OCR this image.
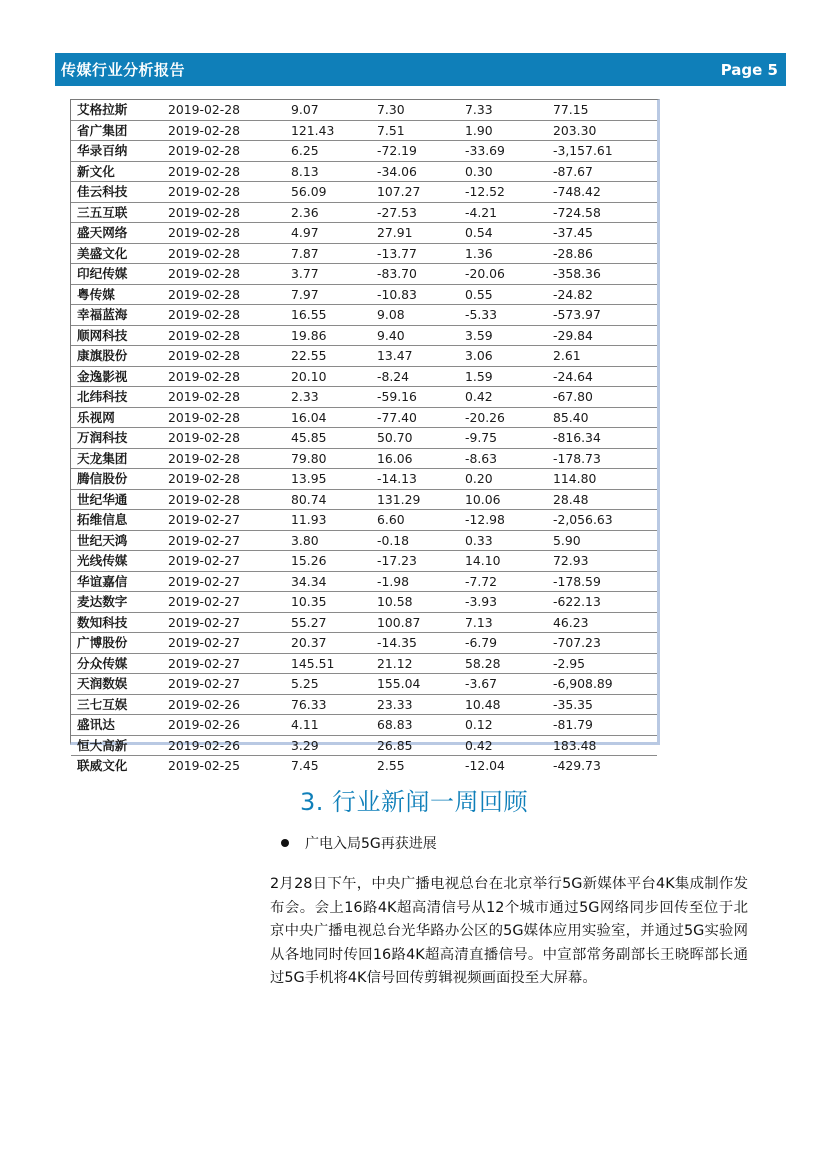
传媒行业分析报告	Page 5
艾格拉斯	2019-02-28	9.07	7.30	7.33	77.15
省广集团	2019-02-28	121.43	7.51	1.90	203.30
华录百纳	2019-02-28	6.25	-72.19	-33.69	-3,157.61
新文化	2019-02-28	8.13	-34.06	0.30	-87.67
佳云科技	2019-02-28	56.09	107.27	-12.52	-748.42
三五互联	2019-02-28	2.36	-27.53	-4.21	-724.58
盛天网络	2019-02-28	4.97	27.91	0.54	-37.45
美盛文化	2019-02-28	7.87	-13.77	1.36	-28.86
印纪传媒	2019-02-28	3.77	-83.70	-20.06	-358.36
粤传媒	2019-02-28	7.97	-10.83	0.55	-24.82
幸福蓝海	2019-02-28	16.55	9.08	-5.33	-573.97
顺网科技	2019-02-28	19.86	9.40	3.59	-29.84
康旗股份	2019-02-28	22.55	13.47	3.06	2.61
金逸影视	2019-02-28	20.10	-8.24	1.59	-24.64
北纬科技	2019-02-28	2.33	-59.16	0.42	-67.80
乐视网	2019-02-28	16.04	-77.40	-20.26	85.40
万润科技	2019-02-28	45.85	50.70	-9.75	-816.34
天龙集团	2019-02-28	79.80	16.06	-8.63	-178.73
腾信股份	2019-02-28	13.95	-14.13	0.20	114.80
世纪华通	2019-02-28	80.74	131.29	10.06	28.48
拓维信息	2019-02-27	11.93	6.60	-12.98	-2,056.63
世纪天鸿	2019-02-27	3.80	-0.18	0.33	5.90
光线传媒	2019-02-27	15.26	-17.23	14.10	72.93
华谊嘉信	2019-02-27	34.34	-1.98	-7.72	-178.59
麦达数字	2019-02-27	10.35	10.58	-3.93	-622.13
数知科技	2019-02-27	55.27	100.87	7.13	46.23
广博股份	2019-02-27	20.37	-14.35	-6.79	-707.23
分众传媒	2019-02-27	145.51	21.12	58.28	-2.95
天润数娱	2019-02-27	5.25	155.04	-3.67	-6,908.89
三七互娱	2019-02-26	76.33	23.33	10.48	-35.35
盛讯达	2019-02-26	4.11	68.83	0.12	-81.79
恒大高新	2019-02-26	3.29	26.85	0.42	183.48
联威文化	2019-02-25	7.45	2.55	-12.04	-429.73
3. 行业新闻一周回顾
广电入局5G再获进展
2月28日下午，中央广播电视总台在北京举行5G新媒体平台4K集成制作发布会。会上16路4K超高清信号从12个城市通过5G网络同步回传至位于北京中央广播电视总台光华路办公区的5G媒体应用实验室，并通过5G实验网从各地同时传回16路4K超高清直播信号。中宣部常务副部长王晓晖部长通过5G手机将4K信号回传剪辑视频画面投至大屏幕。
